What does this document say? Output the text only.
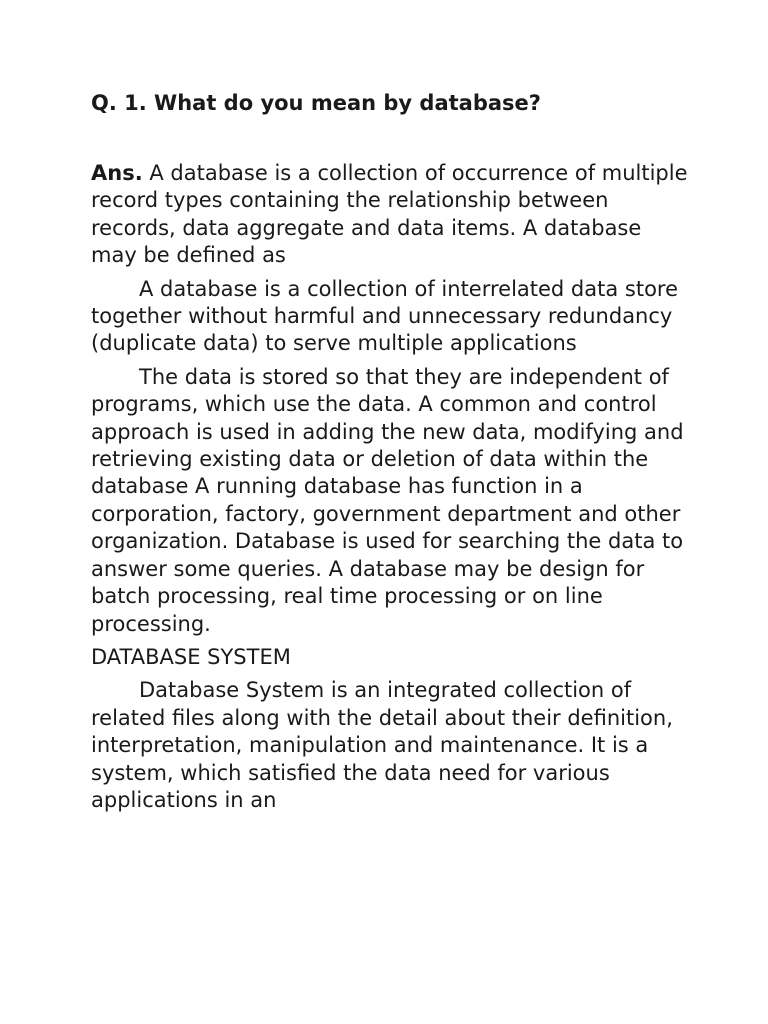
Q. 1. What do you mean by database?

Ans. A database is a collection of occurrence of multiple record types containing the relationship between records, data aggregate and data items. A database may be defined as

A database is a collection of interrelated data store together without harmful and unnecessary redundancy (duplicate data) to serve multiple applications

The data is stored so that they are independent of programs, which use the data. A common and control approach is used in adding the new data, modifying and retrieving existing data or deletion of data within the database A running database has function in a corporation, factory, government department and other organization. Database is used for searching the data to answer some queries. A database may be design for batch processing, real time processing or on line processing.

DATABASE SYSTEM

Database System is an integrated collection of related files along with the detail about their definition, interpretation, manipulation and maintenance. It is a system, which satisfied the data need for various applications in an
